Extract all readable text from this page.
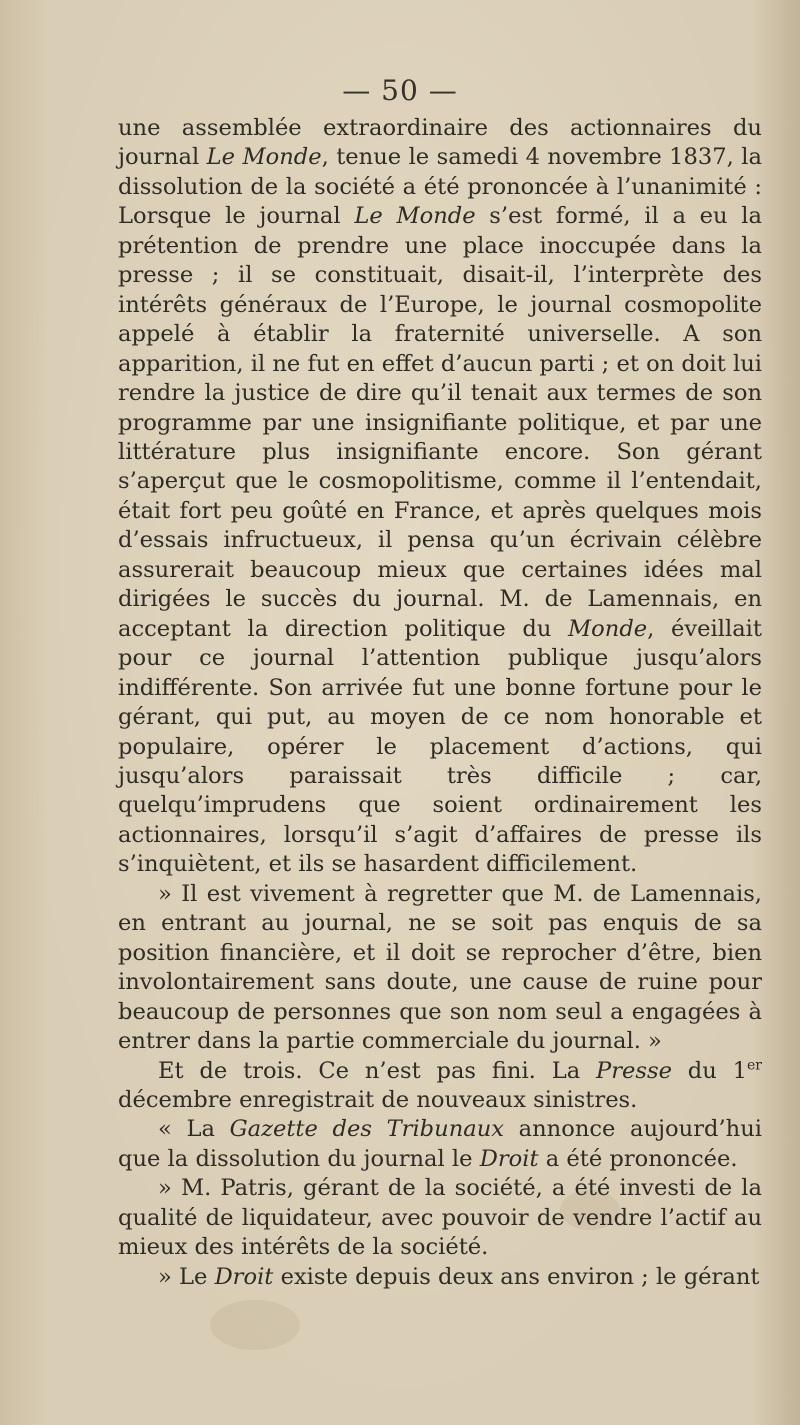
— 50 —

une assemblée extraordinaire des actionnaires du journal Le Monde, tenue le samedi 4 novembre 1837, la dissolution de la société a été prononcée à l’unanimité : Lorsque le journal Le Monde s’est formé, il a eu la prétention de prendre une place inoccupée dans la presse ; il se constituait, disait-il, l’interprète des intérêts généraux de l’Europe, le journal cosmopolite appelé à établir la fraternité universelle. A son apparition, il ne fut en effet d’aucun parti ; et on doit lui rendre la justice de dire qu’il tenait aux termes de son programme par une insignifiante politique, et par une littérature plus insignifiante encore. Son gérant s’aperçut que le cosmopolitisme, comme il l’entendait, était fort peu goûté en France, et après quelques mois d’essais infructueux, il pensa qu’un écrivain célèbre assurerait beaucoup mieux que certaines idées mal dirigées le succès du journal. M. de Lamennais, en acceptant la direction politique du Monde, éveillait pour ce journal l’attention publique jusqu’alors indifférente. Son arrivée fut une bonne fortune pour le gérant, qui put, au moyen de ce nom honorable et populaire, opérer le placement d’actions, qui jusqu’alors paraissait très difficile ; car, quelqu’imprudens que soient ordinairement les actionnaires, lorsqu’il s’agit d’affaires de presse ils s’inquiètent, et ils se hasardent difficilement.

» Il est vivement à regretter que M. de Lamennais, en entrant au journal, ne se soit pas enquis de sa position financière, et il doit se reprocher d’être, bien involontairement sans doute, une cause de ruine pour beaucoup de personnes que son nom seul a engagées à entrer dans la partie commerciale du journal. »

Et de trois. Ce n’est pas fini. La Presse du 1er décembre enregistrait de nouveaux sinistres.

« La Gazette des Tribunaux annonce aujourd’hui que la dissolution du journal le Droit a été prononcée.

» M. Patris, gérant de la société, a été investi de la qualité de liquidateur, avec pouvoir de vendre l’actif au mieux des intérêts de la société.

» Le Droit existe depuis deux ans environ ; le gérant
